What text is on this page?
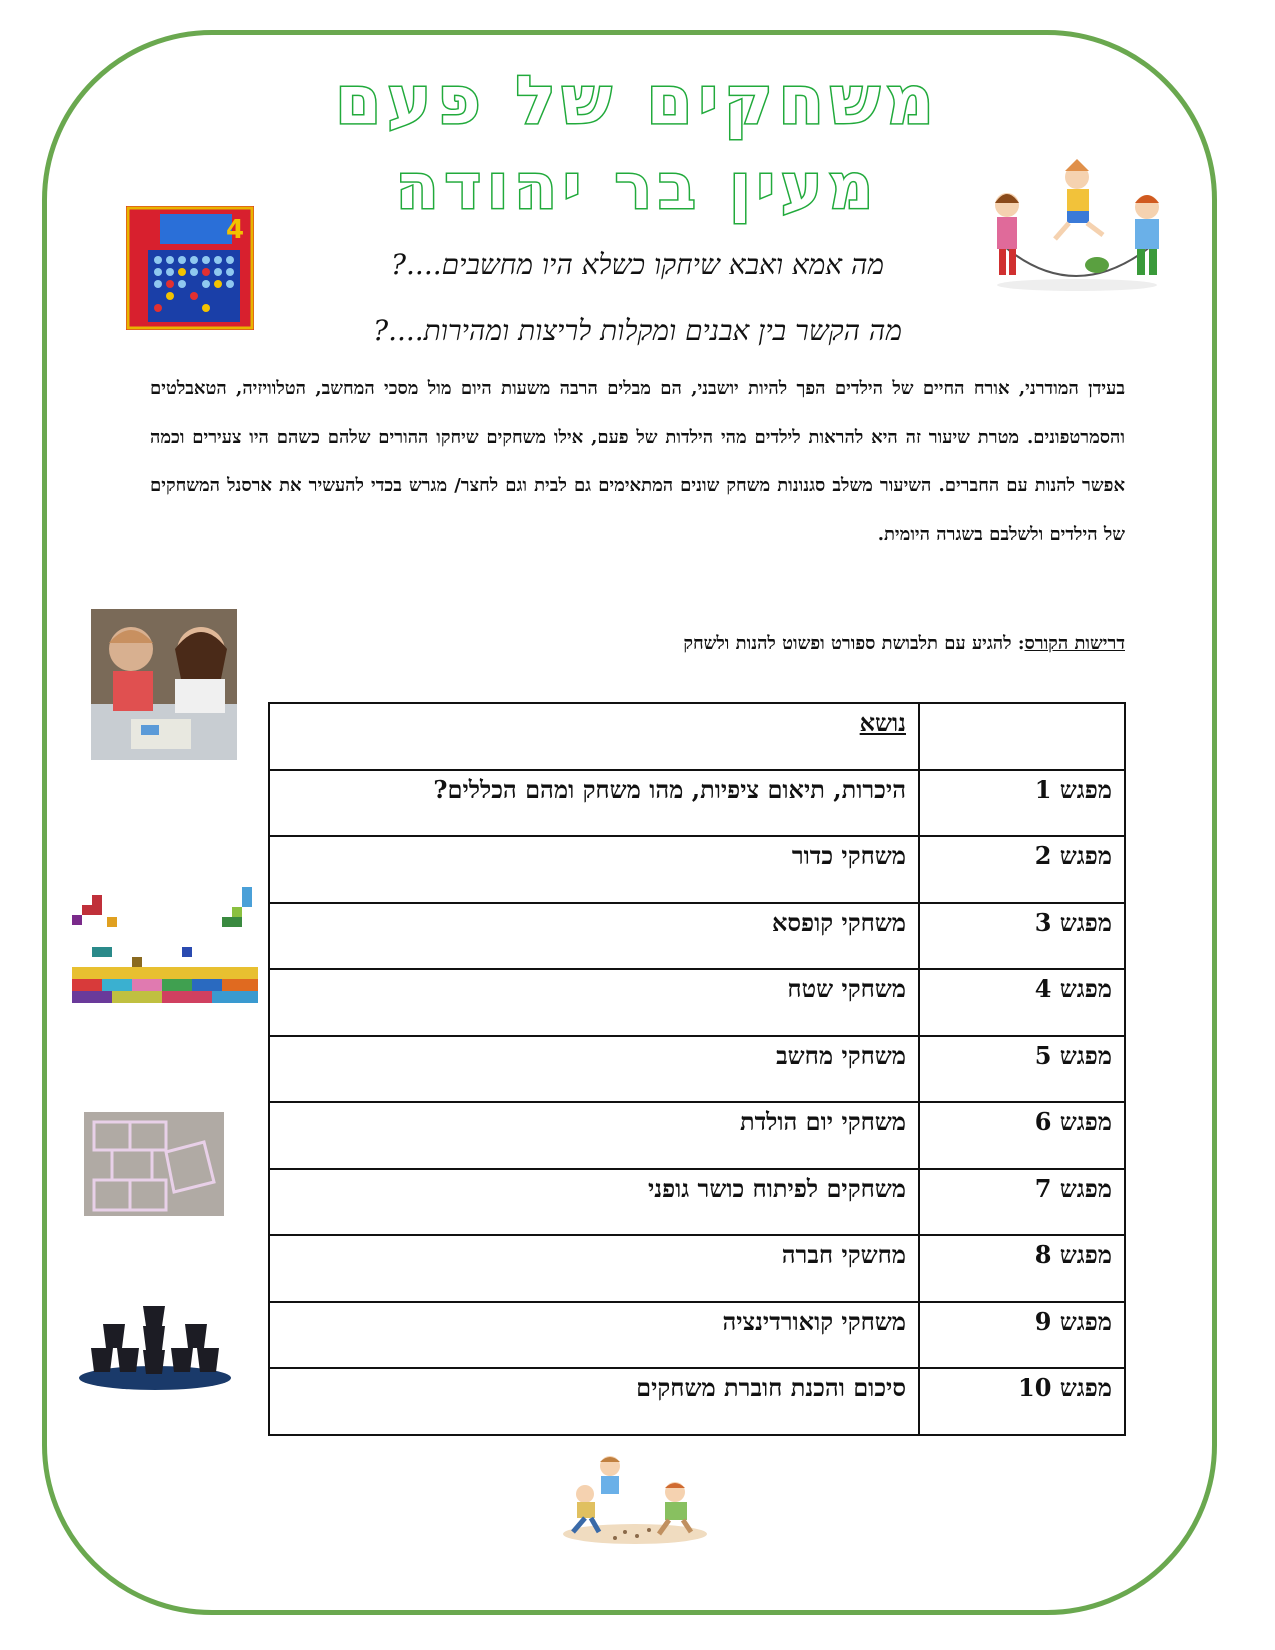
משחקים של פעם
מעין בר יהודה
מה אמא ואבא שיחקו כשלא היו מחשבים....?
מה הקשר בין אבנים ומקלות לריצות ומהירות....?
4
בעידן המודרני, אורח החיים של הילדים הפך להיות יושבני, הם מבלים הרבה משעות היום מול מסכי המחשב, הטלוויזיה, הטאבלטים והסמרטפונים. מטרת שיעור זה היא להראות לילדים מהי הילדות של פעם, אילו משחקים שיחקו ההורים שלהם כשהם היו צעירים וכמה אפשר להנות עם החברים. השיעור משלב סגנונות משחק שונים המתאימים גם לבית וגם לחצר/ מגרש בכדי להעשיר את ארסנל המשחקים של הילדים ולשלבם בשגרה היומית.
דרישות הקורס: להגיע עם תלבושת ספורט ופשוט להנות ולשחק
	נושא
מפגש 1	היכרות, תיאום ציפיות, מהו משחק ומהם הכללים?
מפגש 2	משחקי כדור
מפגש 3	משחקי קופסא
מפגש 4	משחקי שטח
מפגש 5	משחקי מחשב
מפגש 6	משחקי יום הולדת
מפגש 7	משחקים לפיתוח כושר גופני
מפגש 8	מחשקי חברה
מפגש 9	משחקי קואורדינציה
מפגש 10	סיכום והכנת חוברת משחקים
